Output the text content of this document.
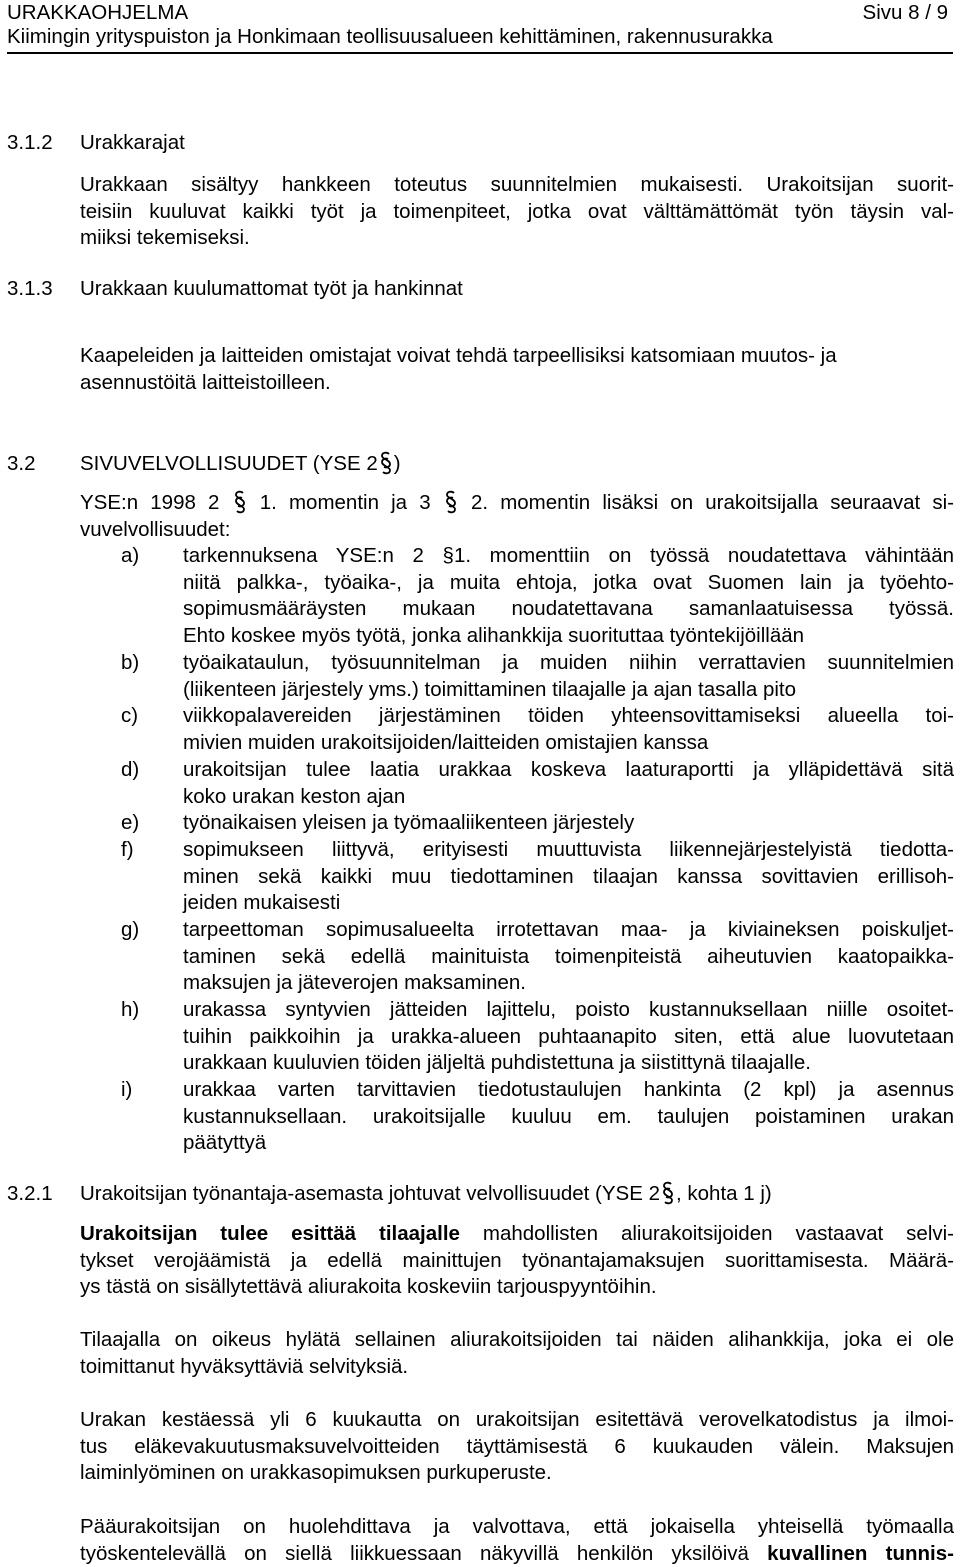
URAKKAOHJELMA	Sivu 8 / 9
Kiimingin yrityspuiston ja Honkimaan teollisuusalueen kehittäminen, rakennusurakka
3.1.2 Urakkarajat
Urakkaan sisältyy hankkeen toteutus suunnitelmien mukaisesti. Urakoitsijan suorit-
teisiin kuuluvat kaikki työt ja toimenpiteet, jotka ovat välttämättömät työn täysin val-
miiksi tekemiseksi.
3.1.3 Urakkaan kuulumattomat työt ja hankinnat
Kaapeleiden ja laitteiden omistajat voivat tehdä tarpeellisiksi katsomiaan muutos- ja
asennustöitä laitteistoilleen.
3.2 SIVUVELVOLLISUUDET (YSE 2 )
YSE:n 1998 2 1. momentin ja 3 2. momentin lisäksi on urakoitsijalla seuraavat si-
vuvelvollisuudet:
a) tarkennuksena YSE:n 2 §1. momenttiin on työssä noudatettava vähintään
niitä palkka-, työaika-, ja muita ehtoja, jotka ovat Suomen lain ja työehto-
sopimusmääräysten mukaan noudatettavana samanlaatuisessa työssä.
Ehto koskee myös työtä, jonka alihankkija suorituttaa työntekijöillään
b) työaikataulun, työsuunnitelman ja muiden niihin verrattavien suunnitelmien
(liikenteen järjestely yms.) toimittaminen tilaajalle ja ajan tasalla pito
c) viikkopalavereiden järjestäminen töiden yhteensovittamiseksi alueella toi-
mivien muiden urakoitsijoiden/laitteiden omistajien kanssa
d) urakoitsijan tulee laatia urakkaa koskeva laaturaportti ja ylläpidettävä sitä
koko urakan keston ajan
e) työnaikaisen yleisen ja työmaaliikenteen järjestely
f) sopimukseen liittyvä, erityisesti muuttuvista liikennejärjestelyistä tiedotta-
minen sekä kaikki muu tiedottaminen tilaajan kanssa sovittavien erillisoh-
jeiden mukaisesti
g) tarpeettoman sopimusalueelta irrotettavan maa- ja kiviaineksen poiskuljet-
taminen sekä edellä mainituista toimenpiteistä aiheutuvien kaatopaikka-
maksujen ja jäteverojen maksaminen.
h) urakassa syntyvien jätteiden lajittelu, poisto kustannuksellaan niille osoitet-
tuihin paikkoihin ja urakka-alueen puhtaanapito siten, että alue luovutetaan
urakkaan kuuluvien töiden jäljeltä puhdistettuna ja siistittynä tilaajalle.
i) urakkaa varten tarvittavien tiedotustaulujen hankinta (2 kpl) ja asennus
kustannuksellaan. urakoitsijalle kuuluu em. taulujen poistaminen urakan
päätyttyä
3.2.1 Urakoitsijan työnantaja-asemasta johtuvat velvollisuudet (YSE 2 , kohta 1 j)
Urakoitsijan tulee esittää tilaajalle mahdollisten aliurakoitsijoiden vastaavat selvi-
tykset verojäämistä ja edellä mainittujen työnantajamaksujen suorittamisesta. Määrä-
ys tästä on sisällytettävä aliurakoita koskeviin tarjouspyyntöihin.
Tilaajalla on oikeus hylätä sellainen aliurakoitsijoiden tai näiden alihankkija, joka ei ole
toimittanut hyväksyttäviä selvityksiä.
Urakan kestäessä yli 6 kuukautta on urakoitsijan esitettävä verovelkatodistus ja ilmoi-
tus eläkevakuutusmaksuvelvoitteiden täyttämisestä 6 kuukauden välein. Maksujen
laiminlyöminen on urakkasopimuksen purkuperuste.
Pääurakoitsijan on huolehdittava ja valvottava, että jokaisella yhteisellä työmaalla
työskentelevällä on siellä liikkuessaan näkyvillä henkilön yksilöivä kuvallinen tunnis-
